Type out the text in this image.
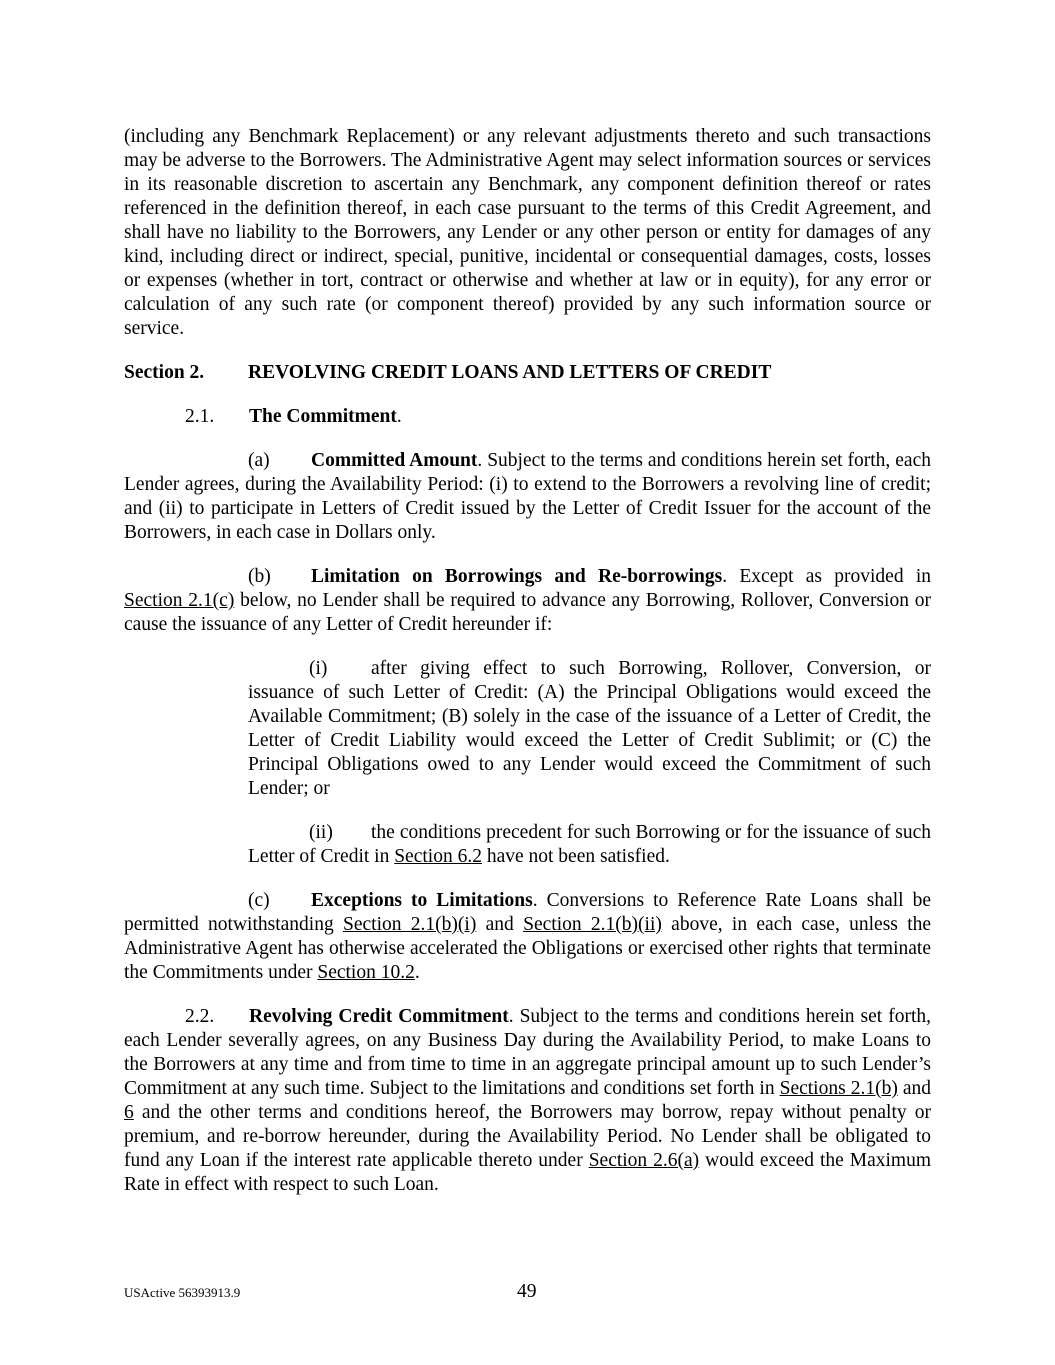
(including any Benchmark Replacement) or any relevant adjustments thereto and such transactions may be adverse to the Borrowers. The Administrative Agent may select information sources or services in its reasonable discretion to ascertain any Benchmark, any component definition thereof or rates referenced in the definition thereof, in each case pursuant to the terms of this Credit Agreement, and shall have no liability to the Borrowers, any Lender or any other person or entity for damages of any kind, including direct or indirect, special, punitive, incidental or consequential damages, costs, losses or expenses (whether in tort, contract or otherwise and whether at law or in equity), for any error or calculation of any such rate (or component thereof) provided by any such information source or service.

Section 2.	REVOLVING CREDIT LOANS AND LETTERS OF CREDIT
2.1. The Commitment.

(a) Committed Amount. Subject to the terms and conditions herein set forth, each Lender agrees, during the Availability Period: (i) to extend to the Borrowers a revolving line of credit; and (ii) to participate in Letters of Credit issued by the Letter of Credit Issuer for the account of the Borrowers, in each case in Dollars only.

(b) Limitation on Borrowings and Re-borrowings. Except as provided in Section 2.1(c) below, no Lender shall be required to advance any Borrowing, Rollover, Conversion or cause the issuance of any Letter of Credit hereunder if:

(i) after giving effect to such Borrowing, Rollover, Conversion, or issuance of such Letter of Credit: (A) the Principal Obligations would exceed the Available Commitment; (B) solely in the case of the issuance of a Letter of Credit, the Letter of Credit Liability would exceed the Letter of Credit Sublimit; or (C) the Principal Obligations owed to any Lender would exceed the Commitment of such Lender; or

(ii) the conditions precedent for such Borrowing or for the issuance of such Letter of Credit in Section 6.2 have not been satisfied.

(c) Exceptions to Limitations. Conversions to Reference Rate Loans shall be permitted notwithstanding Section 2.1(b)(i) and Section 2.1(b)(ii) above, in each case, unless the Administrative Agent has otherwise accelerated the Obligations or exercised other rights that terminate the Commitments under Section 10.2.

2.2. Revolving Credit Commitment. Subject to the terms and conditions herein set forth, each Lender severally agrees, on any Business Day during the Availability Period, to make Loans to the Borrowers at any time and from time to time in an aggregate principal amount up to such Lender’s Commitment at any such time. Subject to the limitations and conditions set forth in Sections 2.1(b) and 6 and the other terms and conditions hereof, the Borrowers may borrow, repay without penalty or premium, and re-borrow hereunder, during the Availability Period. No Lender shall be obligated to fund any Loan if the interest rate applicable thereto under Section 2.6(a) would exceed the Maximum Rate in effect with respect to such Loan.

USActive 56393913.9	49
